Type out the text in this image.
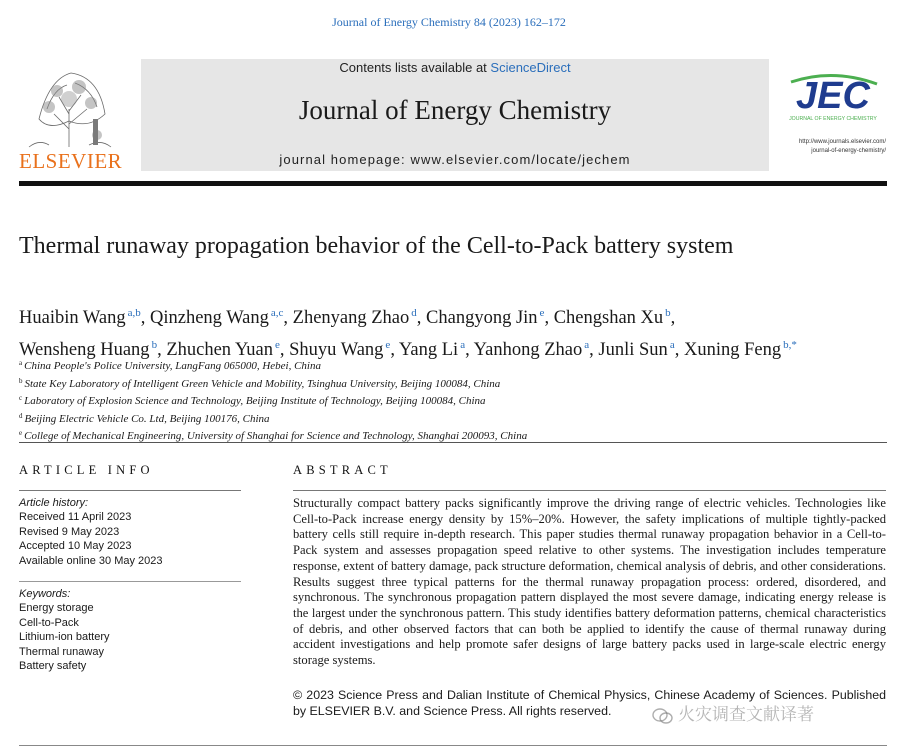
Journal of Energy Chemistry 84 (2023) 162–172
ELSEVIER
Contents lists available at ScienceDirect
Journal of Energy Chemistry
journal homepage: www.elsevier.com/locate/jechem
JEC
JOURNAL OF ENERGY CHEMISTRY
http://www.journals.elsevier.com/
journal-of-energy-chemistry/
Thermal runaway propagation behavior of the Cell-to-Pack battery system
Huaibin Wang $^{a,b}$, Qinzheng Wang $^{a,c}$, Zhenyang Zhao $^d$, Changyong Jin $^e$, Chengshan Xu $^b$,
Wensheng Huang $^b$, Zhuchen Yuan $^e$, Shuyu Wang $^e$, Yang Li $^a$, Yanhong Zhao $^a$, Junli Sun $^a$, Xuning Feng $^{b,*}$
$^a$ China People's Police University, LangFang 065000, Hebei, China
$^b$ State Key Laboratory of Intelligent Green Vehicle and Mobility, Tsinghua University, Beijing 100084, China
$^c$ Laboratory of Explosion Science and Technology, Beijing Institute of Technology, Beijing 100084, China
$^d$ Beijing Electric Vehicle Co. Ltd, Beijing 100176, China
$^e$ College of Mechanical Engineering, University of Shanghai for Science and Technology, Shanghai 200093, China
ARTICLE INFO
Article history:
Received 11 April 2023
Revised 9 May 2023
Accepted 10 May 2023
Available online 30 May 2023
Keywords:
Energy storage
Cell-to-Pack
Lithium-ion battery
Thermal runaway
Battery safety
ABSTRACT
Structurally compact battery packs significantly improve the driving range of electric vehicles. Technologies like Cell-to-Pack increase energy density by 15%–20%. However, the safety implications of multiple tightly-packed battery cells still require in-depth research. This paper studies thermal runaway propagation behavior in a Cell-to-Pack system and assesses propagation speed relative to other systems. The investigation includes temperature response, extent of battery damage, pack structure deformation, chemical analysis of debris, and other considerations. Results suggest three typical patterns for the thermal runaway propagation process: ordered, disordered, and synchronous. The synchronous propagation pattern displayed the most severe damage, indicating energy release is the largest under the synchronous pattern. This study identifies battery deformation patterns, chemical characteristics of debris, and other observed factors that can both be applied to identify the cause of thermal runaway during accident investigations and help promote safer designs of large battery packs used in large-scale electric energy storage systems.
© 2023 Science Press and Dalian Institute of Chemical Physics, Chinese Academy of Sciences. Published by ELSEVIER B.V. and Science Press. All rights reserved.	火灾调查文献译著
